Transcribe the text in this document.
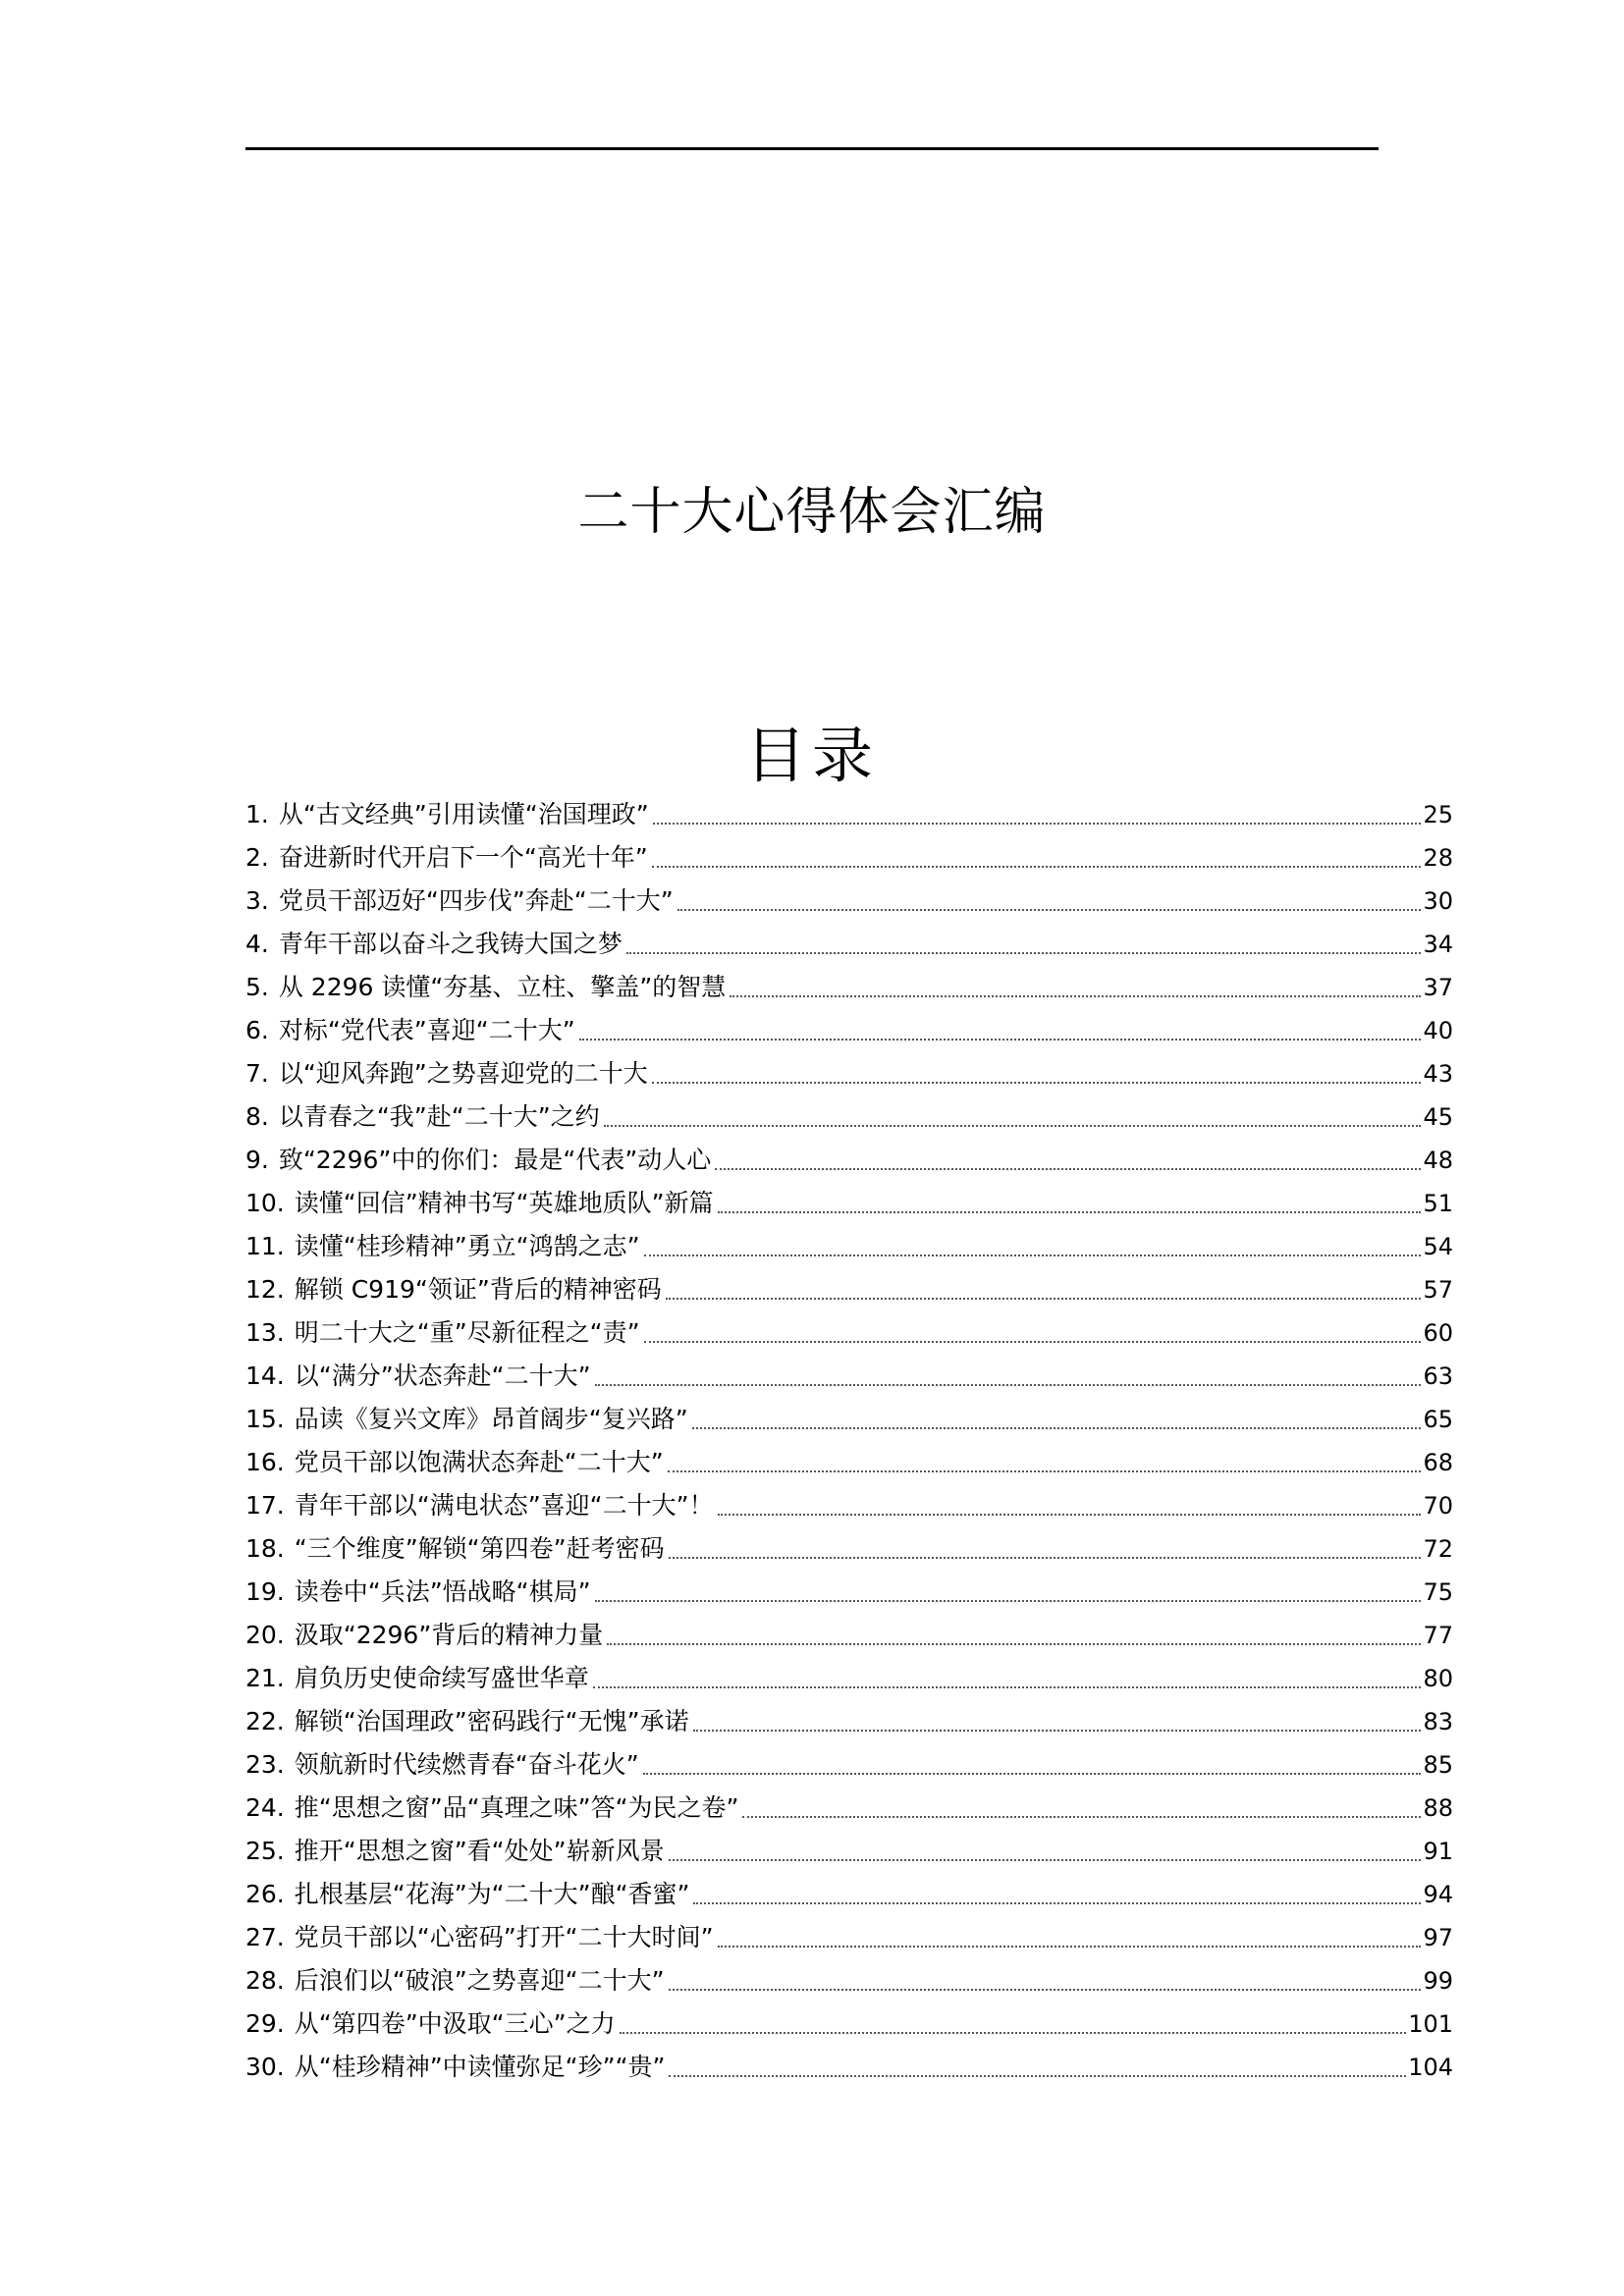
二十大心得体会汇编
目录
1. 从“古文经典”引用读懂“治国理政”	25
2. 奋进新时代开启下一个“高光十年”	28
3. 党员干部迈好“四步伐”奔赴“二十大”	30
4. 青年干部以奋斗之我铸大国之梦	34
5. 从 2296 读懂“夯基、立柱、擎盖”的智慧	37
6. 对标“党代表”喜迎“二十大”	40
7. 以“迎风奔跑”之势喜迎党的二十大	43
8. 以青春之“我”赴“二十大”之约	45
9. 致“2296”中的你们：最是“代表”动人心	48
10. 读懂“回信”精神书写“英雄地质队”新篇	51
11. 读懂“桂珍精神”勇立“鸿鹄之志”	54
12. 解锁 C919“领证”背后的精神密码	57
13. 明二十大之“重”尽新征程之“责”	60
14. 以“满分”状态奔赴“二十大”	63
15. 品读《复兴文库》昂首阔步“复兴路”	65
16. 党员干部以饱满状态奔赴“二十大”	68
17. 青年干部以“满电状态”喜迎“二十大”！	70
18. “三个维度”解锁“第四卷”赶考密码	72
19. 读卷中“兵法”悟战略“棋局”	75
20. 汲取“2296”背后的精神力量	77
21. 肩负历史使命续写盛世华章	80
22. 解锁“治国理政”密码践行“无愧”承诺	83
23. 领航新时代续燃青春“奋斗花火”	85
24. 推“思想之窗”品“真理之味”答“为民之卷”	88
25. 推开“思想之窗”看“处处”崭新风景	91
26. 扎根基层“花海”为“二十大”酿“香蜜”	94
27. 党员干部以“心密码”打开“二十大时间”	97
28. 后浪们以“破浪”之势喜迎“二十大”	99
29. 从“第四卷”中汲取“三心”之力	101
30. 从“桂珍精神”中读懂弥足“珍”“贵”	104
